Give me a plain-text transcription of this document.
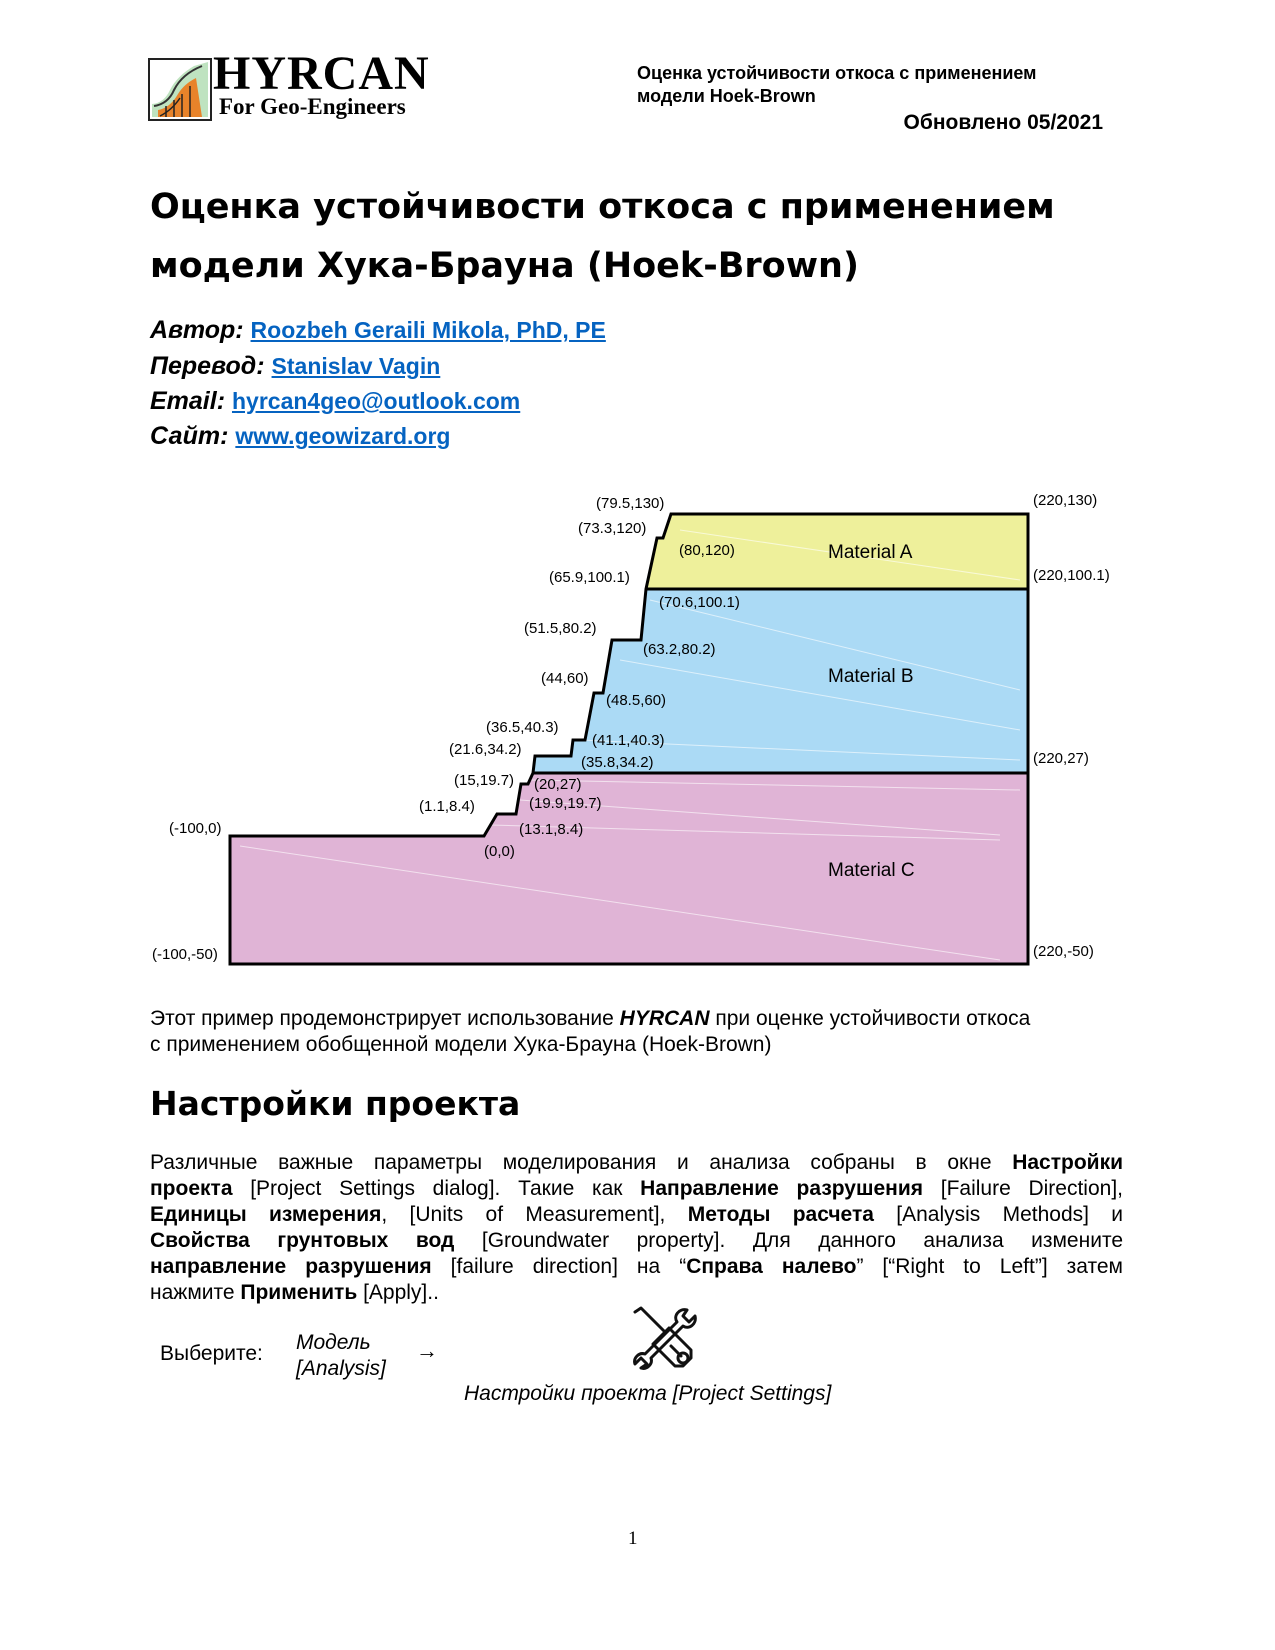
HYRCAN
For Geo-Engineers
Оценка устойчивости откоса с применением
модели Hoek-Brown
Обновлено 05/2021
Оценка устойчивости откоса с применением
модели Хука-Брауна (Hoek-Brown)
Автор: Roozbeh Geraili Mikola, PhD, PE
Перевод: Stanislav Vagin
Email: hyrcan4geo@outlook.com
Сайт: www.geowizard.org
Material A
Material B
Material C
(79.5,130)	(220,130)
(73.3,120)
(80,120)
(65.9,100.1)	(220,100.1)
(70.6,100.1)
(51.5,80.2)
(63.2,80.2)
(44,60)
(48.5,60)
(36.5,40.3)
(41.1,40.3)
(21.6,34.2)
(35.8,34.2)	(220,27)
(15,19.7) (20,27)
(1.1,8.4)	(19.9,19.7)
(-100,0)	(13.1,8.4)
(0,0)
(-100,-50)	(220,-50)
Этот пример продемонстрирует использование HYRCAN при оценке устойчивости откоса
с применением обобщенной модели Хука-Брауна (Hoek-Brown)
Настройки проекта
Различные важные параметры моделирования и анализа собраны в окне Настройки
проекта [Project Settings dialog]. Такие как Направление разрушения [Failure Direction],
Единицы измерения, [Units of Measurement], Методы расчета [Analysis Methods] и
Свойства грунтовых вод [Groundwater property]. Для данного анализа измените
направление разрушения [failure direction] на “Справа налево” [“Right to Left”] затем
нажмите Применить [Apply]..
Выберите: Модель
[Analysis]
→
Настройки проекта [Project Settings]
1
